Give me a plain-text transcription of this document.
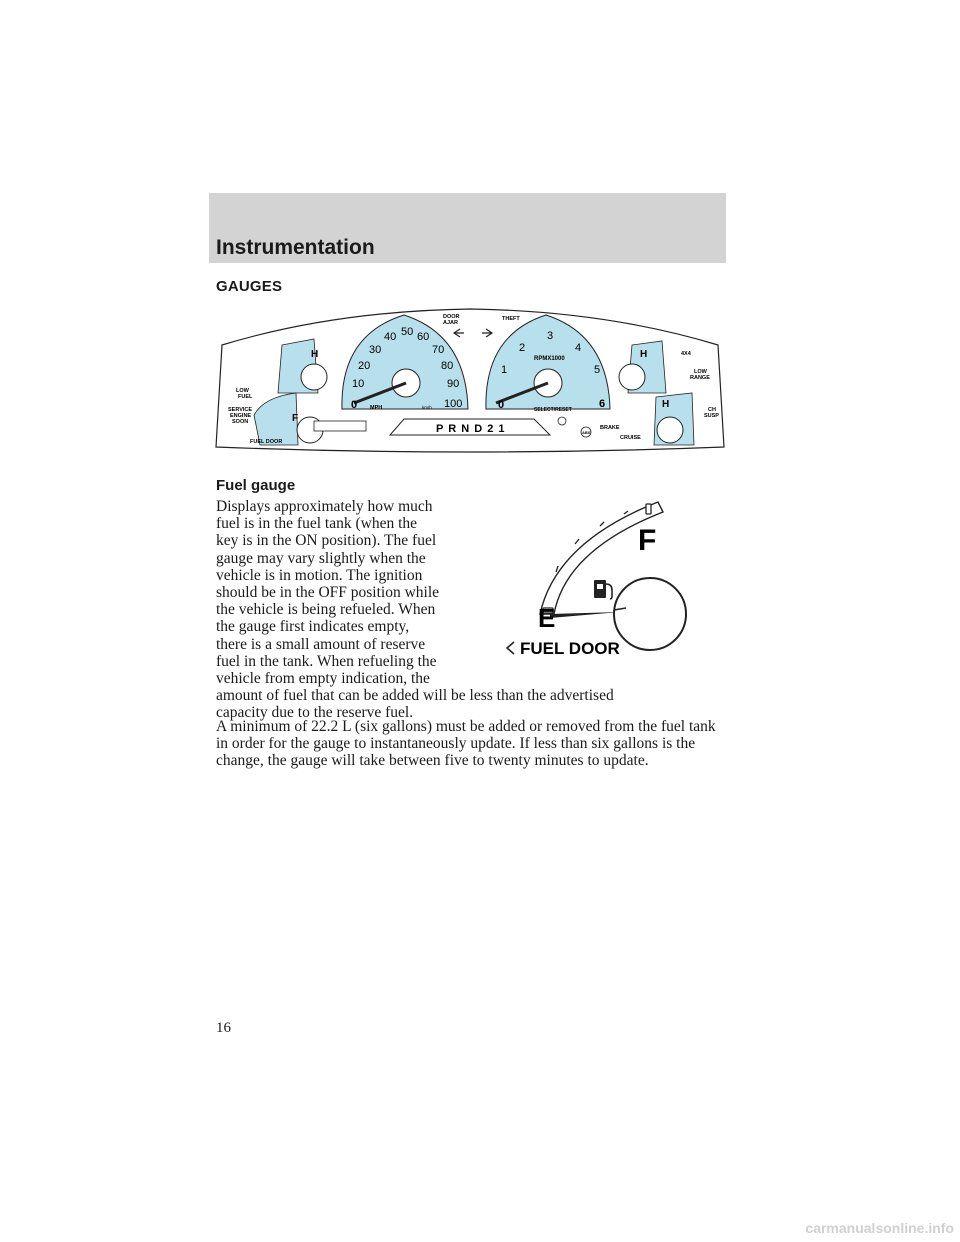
Instrumentation
GAUGES
H
F
LOW
FUEL
SERVICE
ENGINE
SOON
FUEL DOOR
0
10
20
30
40 50 60
70
80
90
100
MPH	km/h
DOOR
AJAR
THEFT
0
1
2
3
4
5
6
RPMX1000
SELECT/RESET
H
H
4X4
LOW
RANGE
CH
SUSP
P R N D 2 1	ABS
BRAKE
CRUISE
Fuel gauge

Displays approximately how much
fuel is in the fuel tank (when the
key is in the ON position). The fuel
gauge may vary slightly when the
vehicle is in motion. The ignition
should be in the OFF position while
the vehicle is being refueled. When
the gauge first indicates empty,
there is a small amount of reserve
fuel in the tank. When refueling the
vehicle from empty indication, the
amount of fuel that can be added will be less than the advertised
capacity due to the reserve fuel.

F
E
FUEL DOOR

A minimum of 22.2 L (six gallons) must be added or removed from the fuel tank in order for the gauge to instantaneously update. If less than six gallons is the change, the gauge will take between five to twenty minutes to update.

16
carmanualsonline.info
